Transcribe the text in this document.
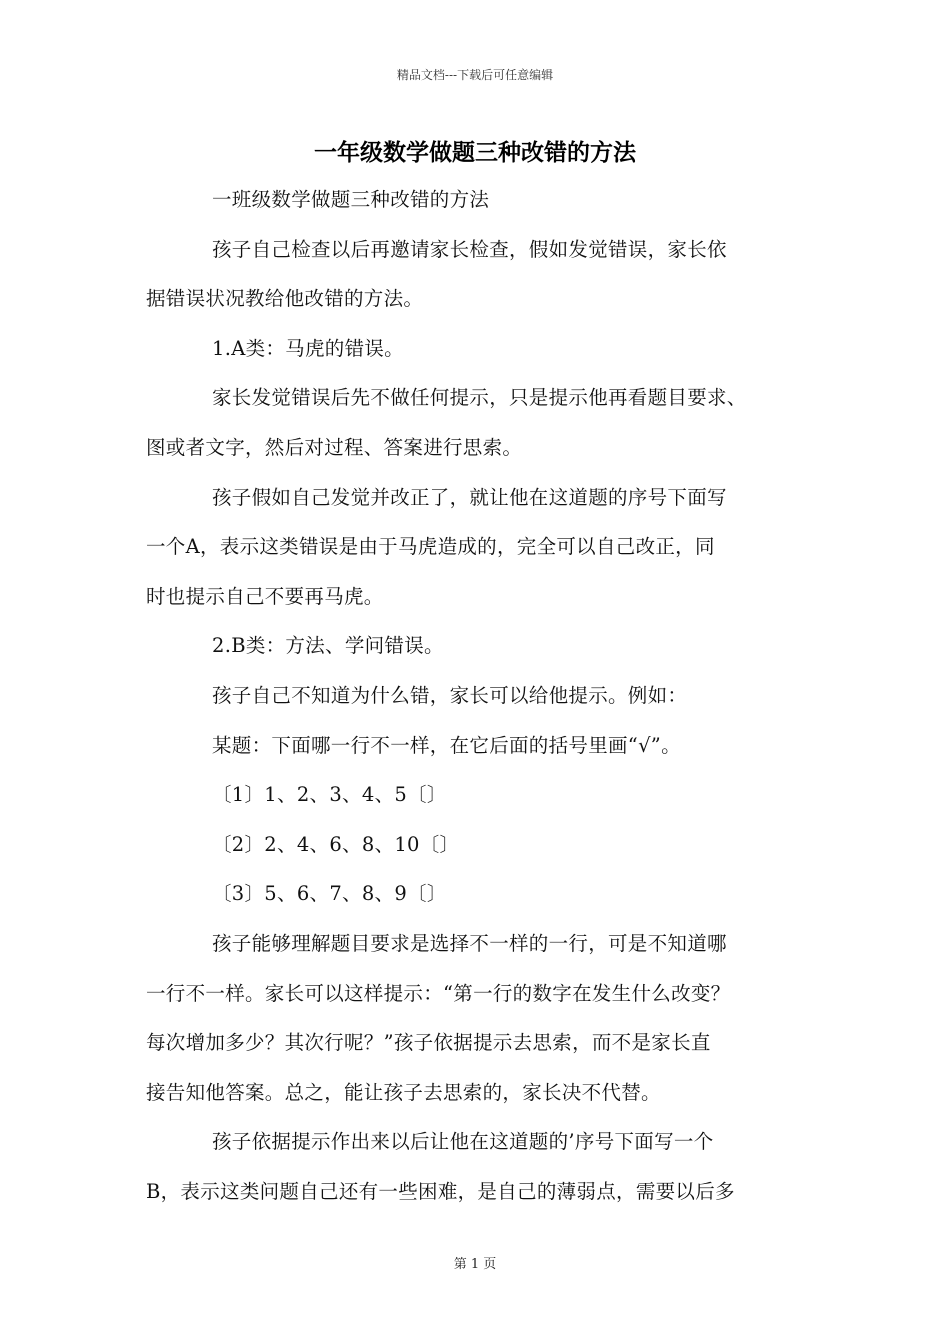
精品文档---下载后可任意编辑
一年级数学做题三种改错的方法
一班级数学做题三种改错的方法
孩子自己检查以后再邀请家长检查，假如发觉错误，家长依
据错误状况教给他改错的方法。
1.A类：马虎的错误。
家长发觉错误后先不做任何提示，只是提示他再看题目要求、
图或者文字，然后对过程、答案进行思索。
孩子假如自己发觉并改正了，就让他在这道题的序号下面写
一个A，表示这类错误是由于马虎造成的，完全可以自己改正，同
时也提示自己不要再马虎。
2.B类：方法、学问错误。
孩子自己不知道为什么错，家长可以给他提示。例如：
某题：下面哪一行不一样，在它后面的括号里画“√”。
〔1〕1、2、3、4、5〔〕
〔2〕2、4、6、8、10〔〕
〔3〕5、6、7、8、9〔〕
孩子能够理解题目要求是选择不一样的一行，可是不知道哪
一行不一样。家长可以这样提示：“第一行的数字在发生什么改变？
每次增加多少？其次行呢？”孩子依据提示去思索，而不是家长直
接告知他答案。总之，能让孩子去思索的，家长决不代替。
孩子依据提示作出来以后让他在这道题的’序号下面写一个
B，表示这类问题自己还有一些困难，是自己的薄弱点，需要以后多
第 1 页
